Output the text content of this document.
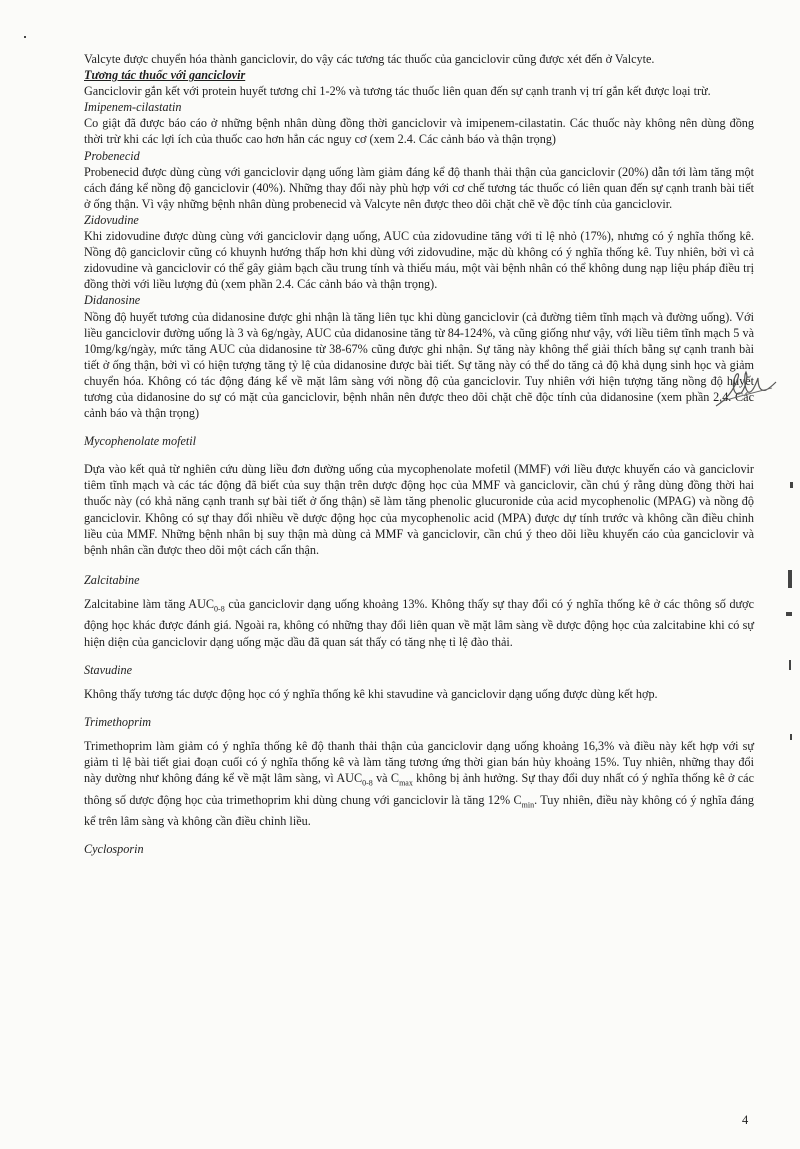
Valcyte được chuyển hóa thành ganciclovir, do vậy các tương tác thuốc của ganciclovir cũng được xét đến ở Valcyte.

Tương tác thuốc với ganciclovir

Ganciclovir gắn kết với protein huyết tương chỉ 1-2% và tương tác thuốc liên quan đến sự cạnh tranh vị trí gắn kết được loại trừ.

Imipenem-cilastatin

Co giật đã được báo cáo ở những bệnh nhân dùng đồng thời ganciclovir và imipenem-cilastatin. Các thuốc này không nên dùng đồng thời trừ khi các lợi ích của thuốc cao hơn hẳn các nguy cơ (xem 2.4. Các cảnh báo và thận trọng)

Probenecid

Probenecid được dùng cùng với ganciclovir dạng uống làm giảm đáng kể độ thanh thải thận của ganciclovir (20%) dẫn tới làm tăng một cách đáng kể nồng độ ganciclovir (40%). Những thay đổi này phù hợp với cơ chế tương tác thuốc có liên quan đến sự cạnh tranh bài tiết ở ống thận. Vì vậy những bệnh nhân dùng probenecid và Valcyte nên được theo dõi chặt chẽ về độc tính của ganciclovir.

Zidovudine

Khi zidovudine được dùng cùng với ganciclovir dạng uống, AUC của zidovudine tăng với tỉ lệ nhỏ (17%), nhưng có ý nghĩa thống kê. Nồng độ ganciclovir cũng có khuynh hướng thấp hơn khi dùng với zidovudine, mặc dù không có ý nghĩa thống kê. Tuy nhiên, bởi vì cả zidovudine và ganciclovir có thể gây giảm bạch cầu trung tính và thiếu máu, một vài bệnh nhân có thể không dung nạp liệu pháp điều trị đồng thời với liều lượng đủ (xem phần 2.4. Các cảnh báo và thận trọng).

Didanosine

Nồng độ huyết tương của didanosine được ghi nhận là tăng liên tục khi dùng ganciclovir (cả đường tiêm tĩnh mạch và đường uống). Với liều ganciclovir đường uống là 3 và 6g/ngày, AUC của didanosine tăng từ 84-124%, và cũng giống như vậy, với liều tiêm tĩnh mạch 5 và 10mg/kg/ngày, mức tăng AUC của didanosine từ 38-67% cũng được ghi nhận. Sự tăng này không thể giải thích bằng sự cạnh tranh bài tiết ở ống thận, bởi vì có hiện tượng tăng tỷ lệ của didanosine được bài tiết. Sự tăng này có thể do tăng cả độ khả dụng sinh học và giảm chuyển hóa. Không có tác động đáng kể về mặt lâm sàng với nồng độ của ganciclovir. Tuy nhiên với hiện tượng tăng nồng độ huyết tương của didanosine do sự có mặt của ganciclovir, bệnh nhân nên được theo dõi chặt chẽ độc tính của didanosine (xem phần 2.4. Các cảnh báo và thận trọng)

Mycophenolate mofetil

Dựa vào kết quả từ nghiên cứu dùng liều đơn đường uống của mycophenolate mofetil (MMF) với liều được khuyến cáo và ganciclovir tiêm tĩnh mạch và các tác động đã biết của suy thận trên dược động học của MMF và ganciclovir, cần chú ý rằng dùng đồng thời hai thuốc này (có khả năng cạnh tranh sự bài tiết ở ống thận) sẽ làm tăng phenolic glucuronide của acid mycophenolic (MPAG) và nồng độ ganciclovir. Không có sự thay đổi nhiều về dược động học của mycophenolic acid (MPA) được dự tính trước và không cần điều chỉnh liều của MMF. Những bệnh nhân bị suy thận mà dùng cả MMF và ganciclovir, cần chú ý theo dõi liều khuyến cáo của ganciclovir và bệnh nhân cần được theo dõi một cách cẩn thận.

Zalcitabine

Zalcitabine làm tăng $AUC_{0-8}$ của ganciclovir dạng uống khoảng 13%. Không thấy sự thay đổi có ý nghĩa thống kê ở các thông số dược động học khác được đánh giá. Ngoài ra, không có những thay đổi liên quan về mặt lâm sàng về dược động học của zalcitabine khi có sự hiện diện của ganciclovir dạng uống mặc dầu đã quan sát thấy có tăng nhẹ tỉ lệ đào thải.

Stavudine

Không thấy tương tác dược động học có ý nghĩa thống kê khi stavudine và ganciclovir dạng uống được dùng kết hợp.

Trimethoprim

Trimethoprim làm giảm có ý nghĩa thống kê độ thanh thải thận của ganciclovir dạng uống khoảng 16,3% và điều này kết hợp với sự giảm tỉ lệ bài tiết giai đoạn cuối có ý nghĩa thống kê và làm tăng tương ứng thời gian bán hủy khoảng 15%. Tuy nhiên, những thay đổi này dường như không đáng kể về mặt lâm sàng, vì $AUC_{0-8}$ và $C_{max}$ không bị ảnh hưởng. Sự thay đổi duy nhất có ý nghĩa thống kê ở các thông số dược động học của trimethoprim khi dùng chung với ganciclovir là tăng 12% $C_{min}$. Tuy nhiên, điều này không có ý nghĩa đáng kể trên lâm sàng và không cần điều chỉnh liều.

Cyclosporin

4
